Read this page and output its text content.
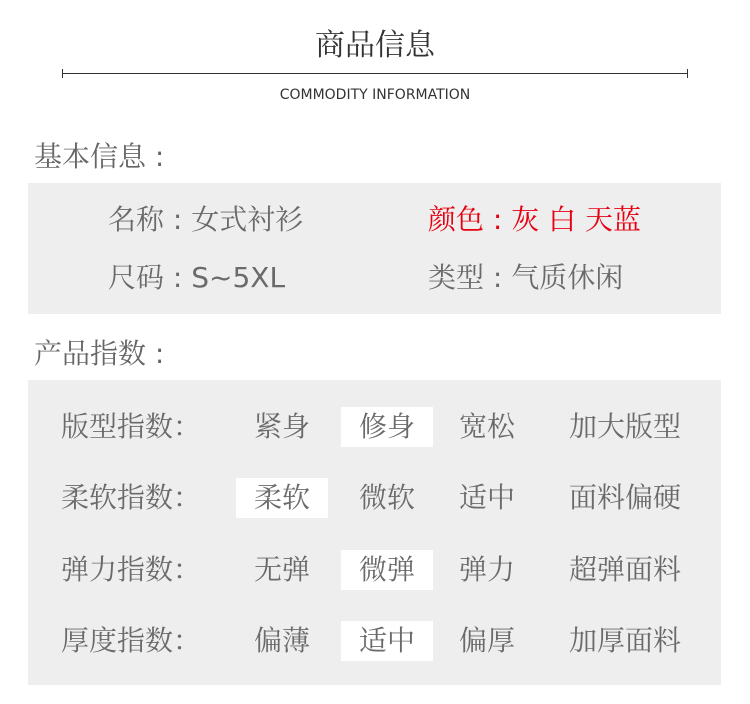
商品信息
COMMODITY INFORMATION
基本信息 :
名称 : 女式衬衫	颜色 : 灰 白 天蓝
尺码 : S~5XL	类型 : 气质休闲
产品指数 :
版型指数：	紧身	修身	宽松	加大版型
柔软指数：	柔软	微软	适中	面料偏硬
弹力指数：	无弹	微弹	弹力	超弹面料
厚度指数：	偏薄	适中	偏厚	加厚面料
